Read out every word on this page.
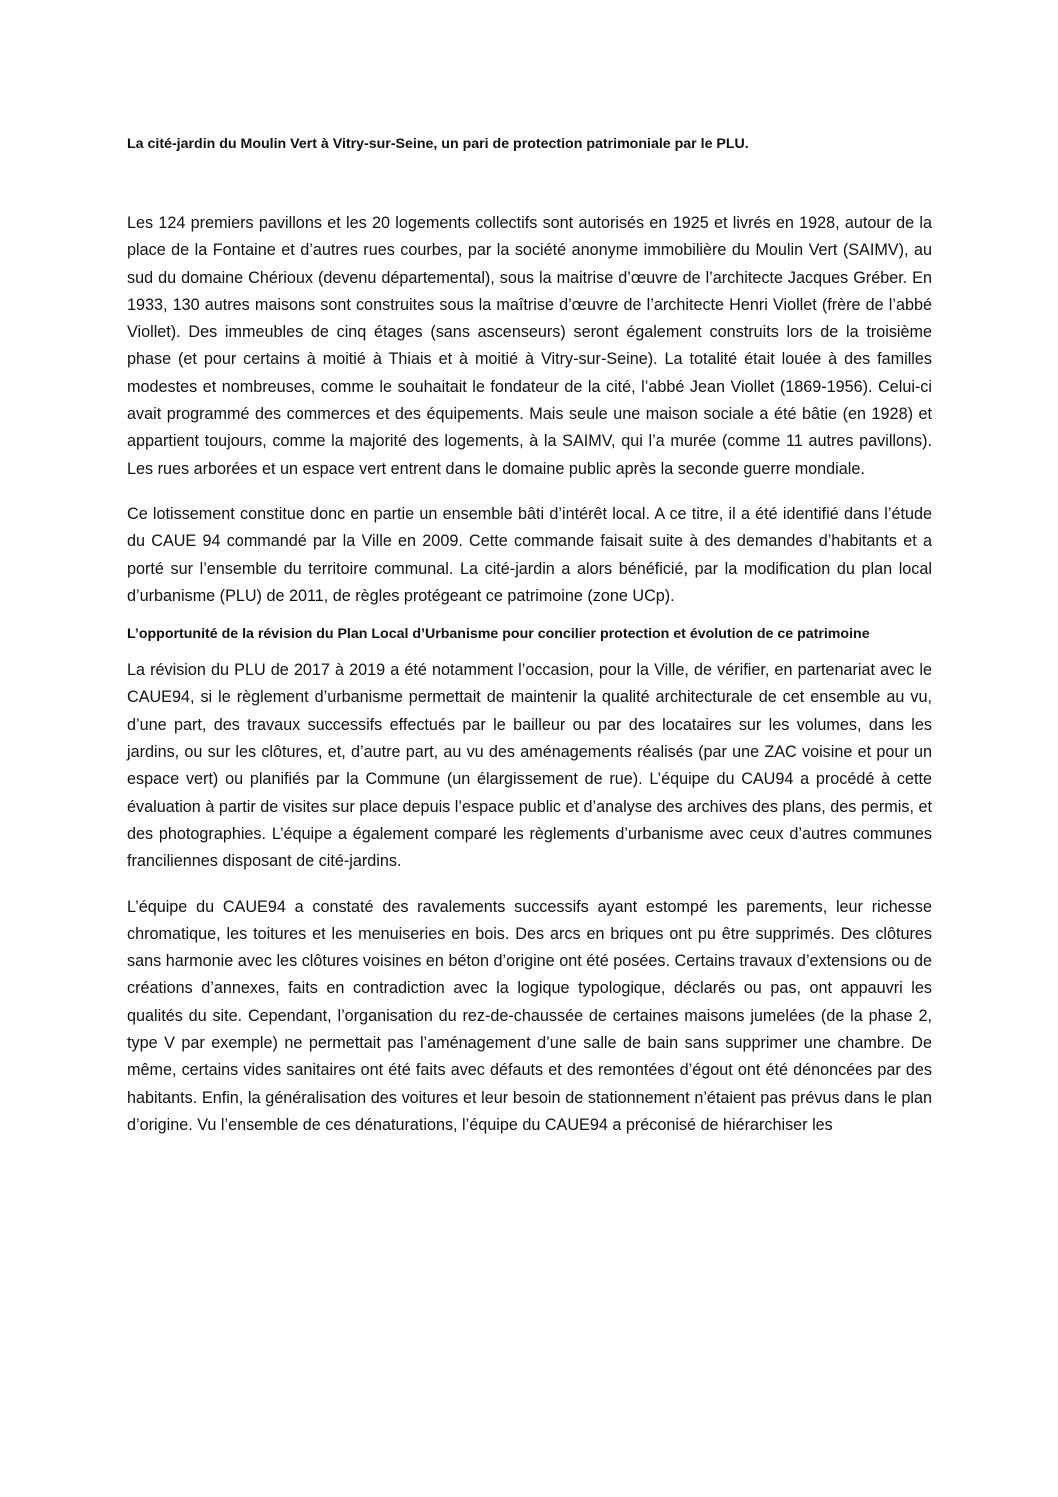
La cité-jardin du Moulin Vert à Vitry-sur-Seine, un pari de protection patrimoniale par le PLU.

Les 124 premiers pavillons et les 20 logements collectifs sont autorisés en 1925 et livrés en 1928, autour de la place de la Fontaine et d’autres rues courbes, par la société anonyme immobilière du Moulin Vert (SAIMV), au sud du domaine Chérioux (devenu départemental), sous la maitrise d’œuvre de l’architecte Jacques Gréber. En 1933, 130 autres maisons sont construites sous la maîtrise d’œuvre de l’architecte Henri Viollet (frère de l’abbé Viollet). Des immeubles de cinq étages (sans ascenseurs) seront également construits lors de la troisième phase (et pour certains à moitié à Thiais et à moitié à Vitry-sur-Seine). La totalité était louée à des familles modestes et nombreuses, comme le souhaitait le fondateur de la cité, l’abbé Jean Viollet (1869-1956). Celui-ci avait programmé des commerces et des équipements. Mais seule une maison sociale a été bâtie (en 1928) et appartient toujours, comme la majorité des logements, à la SAIMV, qui l’a murée (comme 11 autres pavillons). Les rues arborées et un espace vert entrent dans le domaine public après la seconde guerre mondiale.

Ce lotissement constitue donc en partie un ensemble bâti d’intérêt local. A ce titre, il a été identifié dans l’étude du CAUE 94 commandé par la Ville en 2009. Cette commande faisait suite à des demandes d’habitants et a porté sur l’ensemble du territoire communal. La cité-jardin a alors bénéficié, par la modification du plan local d’urbanisme (PLU) de 2011, de règles protégeant ce patrimoine (zone UCp).

L’opportunité de la révision du Plan Local d’Urbanisme pour concilier protection et évolution de ce patrimoine

La révision du PLU de 2017 à 2019 a été notamment l’occasion, pour la Ville, de vérifier, en partenariat avec le CAUE94, si le règlement d’urbanisme permettait de maintenir la qualité architecturale de cet ensemble au vu, d’une part, des travaux successifs effectués par le bailleur ou par des locataires sur les volumes, dans les jardins, ou sur les clôtures, et, d’autre part, au vu des aménagements réalisés (par une ZAC voisine et pour un espace vert) ou planifiés par la Commune (un élargissement de rue). L’équipe du CAU94 a procédé à cette évaluation à partir de visites sur place depuis l’espace public et d’analyse des archives des plans, des permis, et des photographies. L’équipe a également comparé les règlements d’urbanisme avec ceux d’autres communes franciliennes disposant de cité-jardins.

L’équipe du CAUE94 a constaté des ravalements successifs ayant estompé les parements, leur richesse chromatique, les toitures et les menuiseries en bois. Des arcs en briques ont pu être supprimés. Des clôtures sans harmonie avec les clôtures voisines en béton d’origine ont été posées. Certains travaux d’extensions ou de créations d’annexes, faits en contradiction avec la logique typologique, déclarés ou pas, ont appauvri les qualités du site. Cependant, l’organisation du rez-de-chaussée de certaines maisons jumelées (de la phase 2, type V par exemple) ne permettait pas l’aménagement d’une salle de bain sans supprimer une chambre. De même, certains vides sanitaires ont été faits avec défauts et des remontées d’égout ont été dénoncées par des habitants. Enfin, la généralisation des voitures et leur besoin de stationnement n’étaient pas prévus dans le plan d’origine. Vu l’ensemble de ces dénaturations, l’équipe du CAUE94 a préconisé de hiérarchiser les
